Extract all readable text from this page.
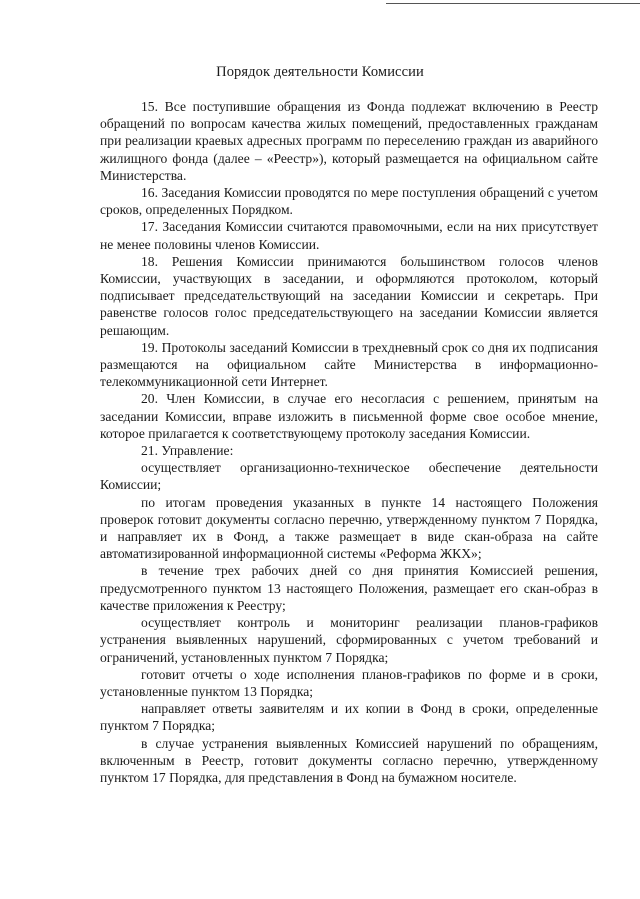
Порядок деятельности Комиссии

15. Все поступившие обращения из Фонда подлежат включению в Реестр обращений по вопросам качества жилых помещений, предоставленных гражданам при реализации краевых адресных программ по переселению граждан из аварийного жилищного фонда (далее – «Реестр»), который размещается на официальном сайте Министерства.

16. Заседания Комиссии проводятся по мере поступления обращений с учетом сроков, определенных Порядком.

17. Заседания Комиссии считаются правомочными, если на них присутствует не менее половины членов Комиссии.

18. Решения Комиссии принимаются большинством голосов членов Комиссии, участвующих в заседании, и оформляются протоколом, который подписывает председательствующий на заседании Комиссии и секретарь. При равенстве голосов голос председательствующего на заседании Комиссии является решающим.

19. Протоколы заседаний Комиссии в трехдневный срок со дня их подписания размещаются на официальном сайте Министерства в информационно-телекоммуникационной сети Интернет.

20. Член Комиссии, в случае его несогласия с решением, принятым на заседании Комиссии, вправе изложить в письменной форме свое особое мнение, которое прилагается к соответствующему протоколу заседания Комиссии.

21. Управление:

осуществляет организационно-техническое обеспечение деятельности Комиссии;

по итогам проведения указанных в пункте 14 настоящего Положения проверок готовит документы согласно перечню, утвержденному пунктом 7 Порядка, и направляет их в Фонд, а также размещает в виде скан-образа на сайте автоматизированной информационной системы «Реформа ЖКХ»;

в течение трех рабочих дней со дня принятия Комиссией решения, предусмотренного пунктом 13 настоящего Положения, размещает его скан-образ в качестве приложения к Реестру;

осуществляет контроль и мониторинг реализации планов-графиков устранения выявленных нарушений, сформированных с учетом требований и ограничений, установленных пунктом 7 Порядка;

готовит отчеты о ходе исполнения планов-графиков по форме и в сроки, установленные пунктом 13 Порядка;

направляет ответы заявителям и их копии в Фонд в сроки, определенные пунктом 7 Порядка;

в случае устранения выявленных Комиссией нарушений по обращениям, включенным в Реестр, готовит документы согласно перечню, утвержденному пунктом 17 Порядка, для представления в Фонд на бумажном носителе.
